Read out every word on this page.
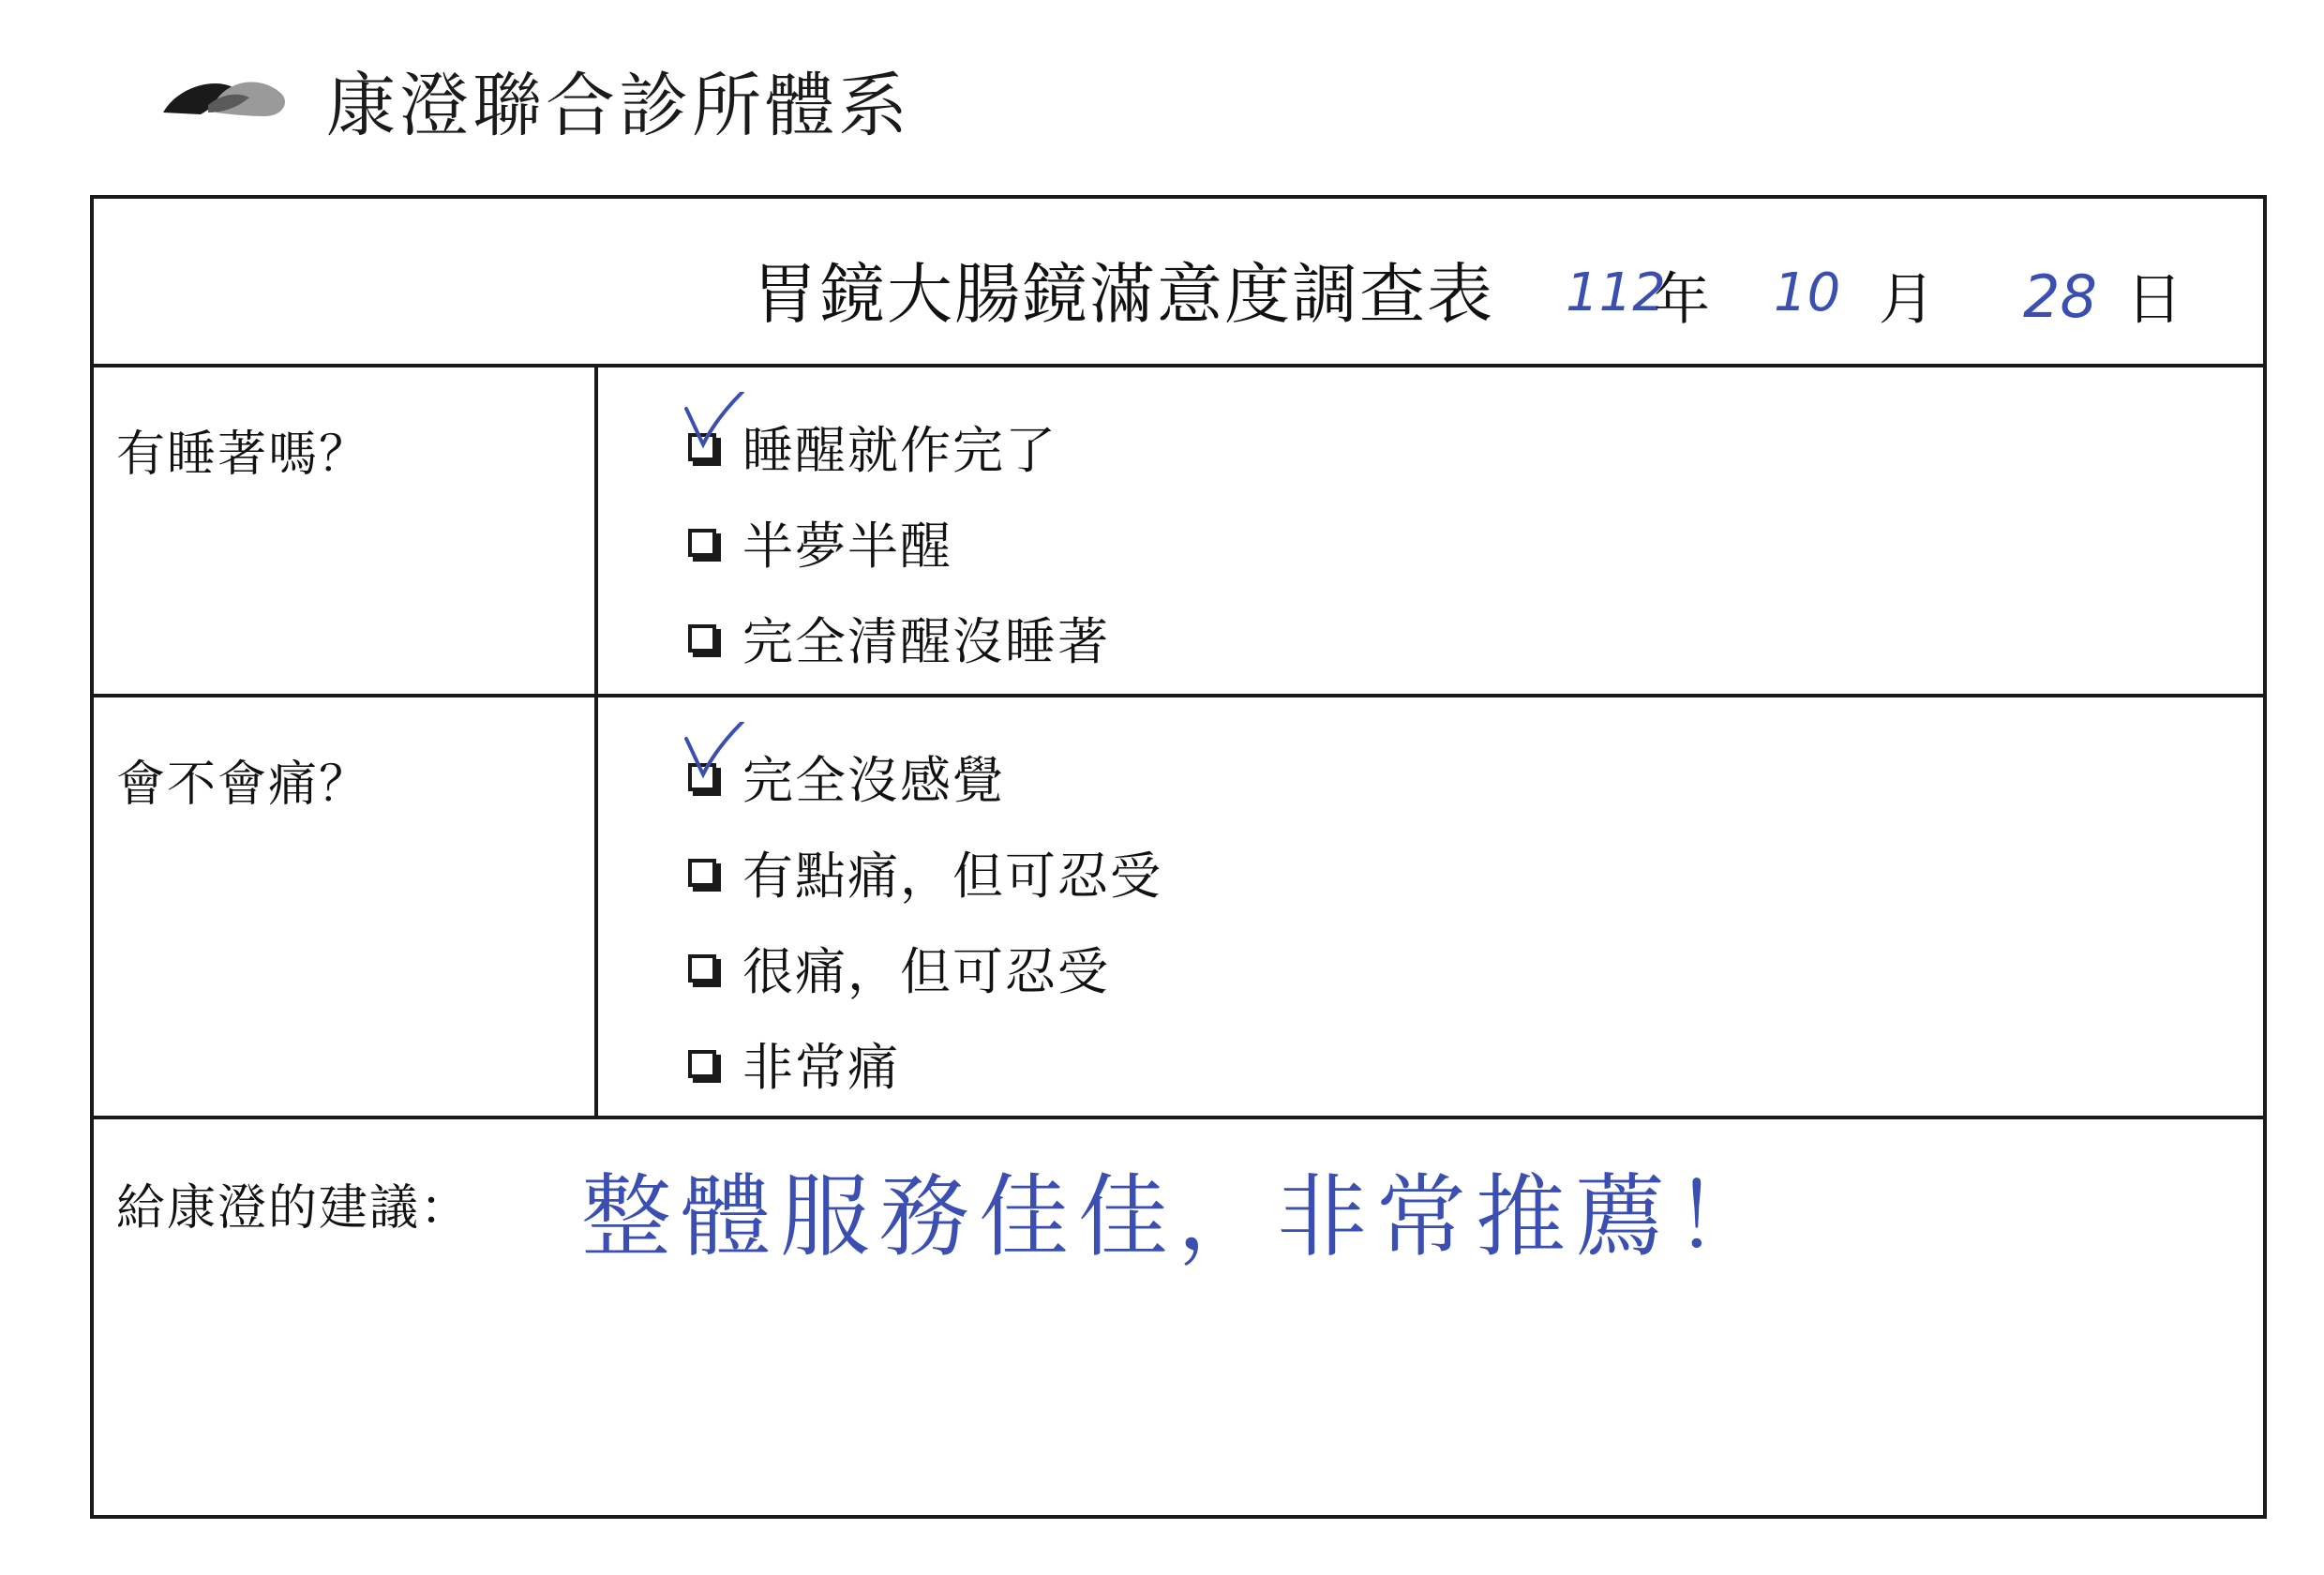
康澄聯合診所體系
胃鏡大腸鏡滿意度調查表 112
年 10 月 28 日
有睡著嗎？	睡醒就作完了
半夢半醒
完全清醒沒睡著
會不會痛？	完全沒感覺
有點痛，但可忍受
很痛，但可忍受
非常痛
給康澄的建議： 整體服務佳佳，非常推薦！
